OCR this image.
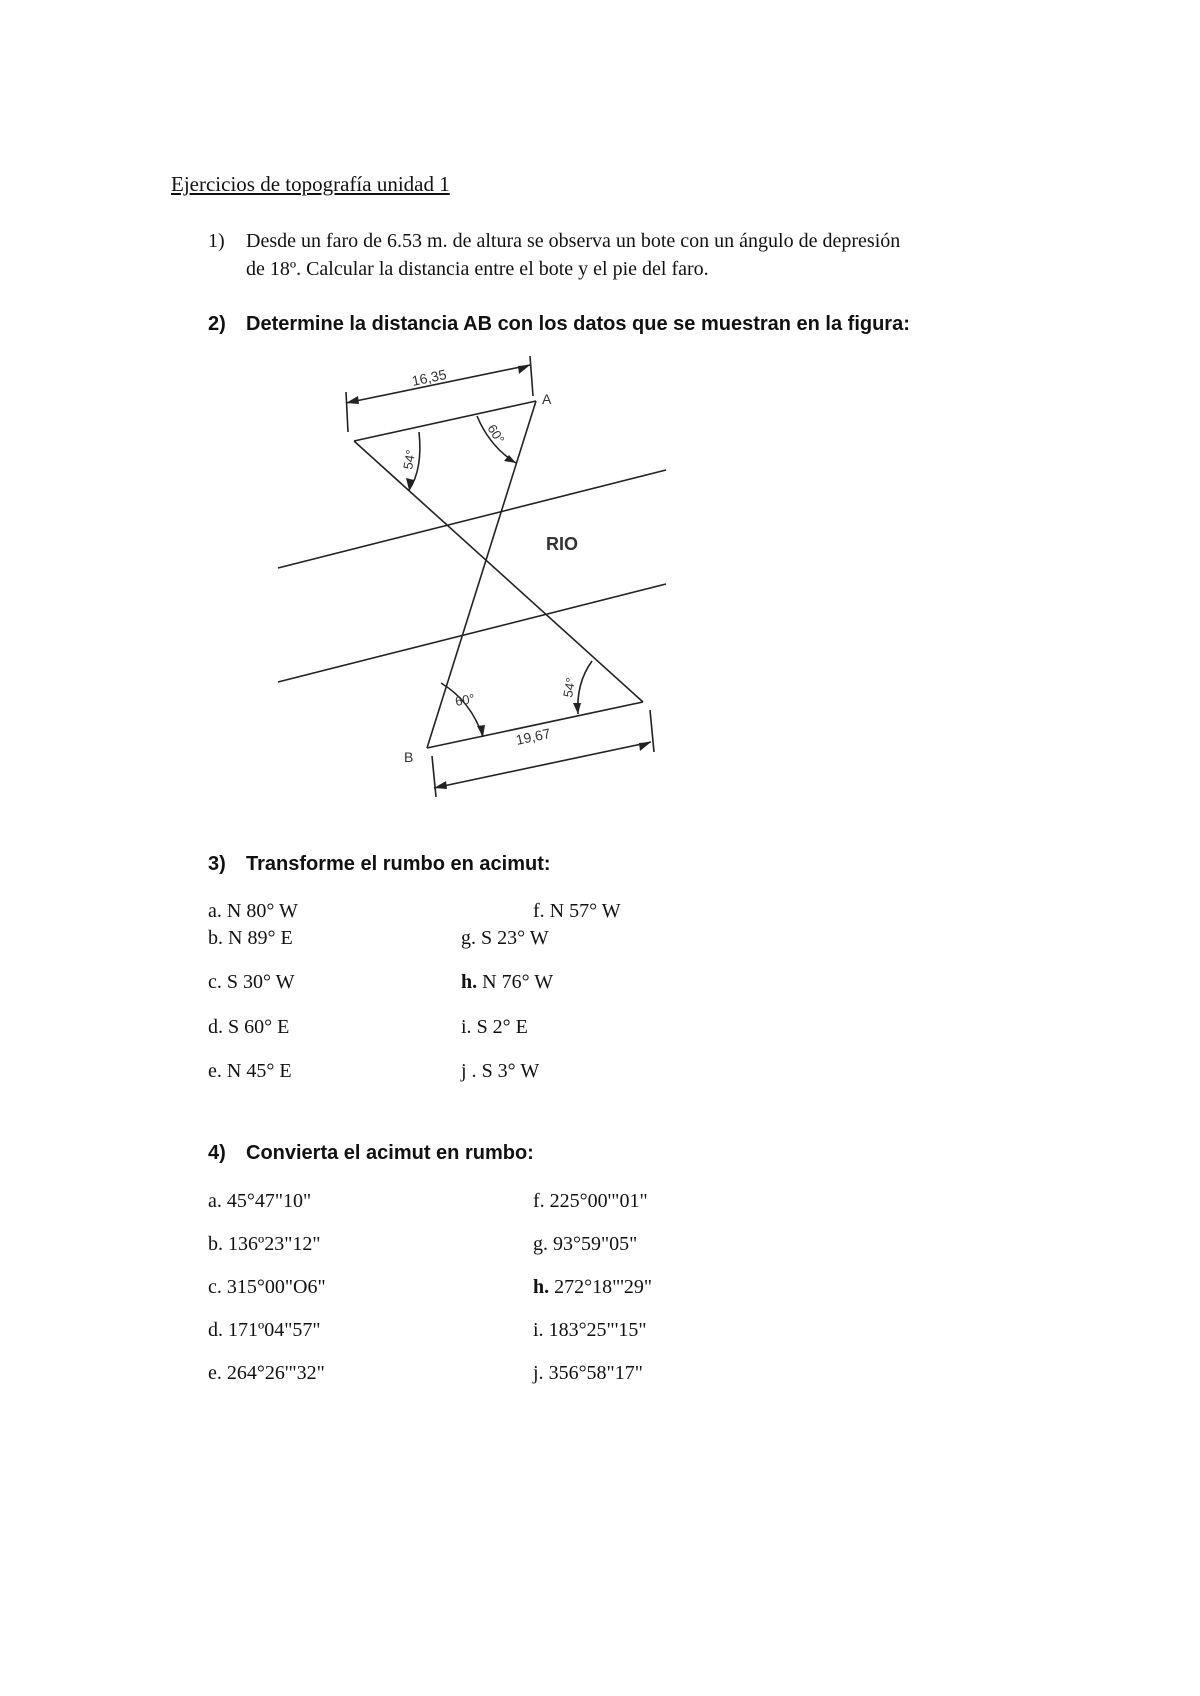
Ejercicios de topografía unidad 1
1) Desde un faro de 6.53 m. de altura se observa un bote con un ángulo de depresión
de 18º. Calcular la distancia entre el bote y el pie del faro.
2) Determine la distancia AB con los datos que se muestran en la figura:
16,35
19,67
A
B
RIO
54°
60°
60°
54°
3) Transforme el rumbo en acimut:
a. N 80° W
b. N 89° E
c. S 30° W
d. S 60° E
e. N 45° E
f. N 57° W
g. S 23° W
h. N 76° W
i. S 2° E
j . S 3° W
4) Convierta el acimut en rumbo:
a. 45°47"10"
b. 136º23"12"
c. 315°00"O6"
d. 171º04"57"
e. 264°26'"32"
f. 225°00'"01"
g. 93°59"05"
h. 272°18"'29"
i. 183°25"'15"
j. 356°58"17"
